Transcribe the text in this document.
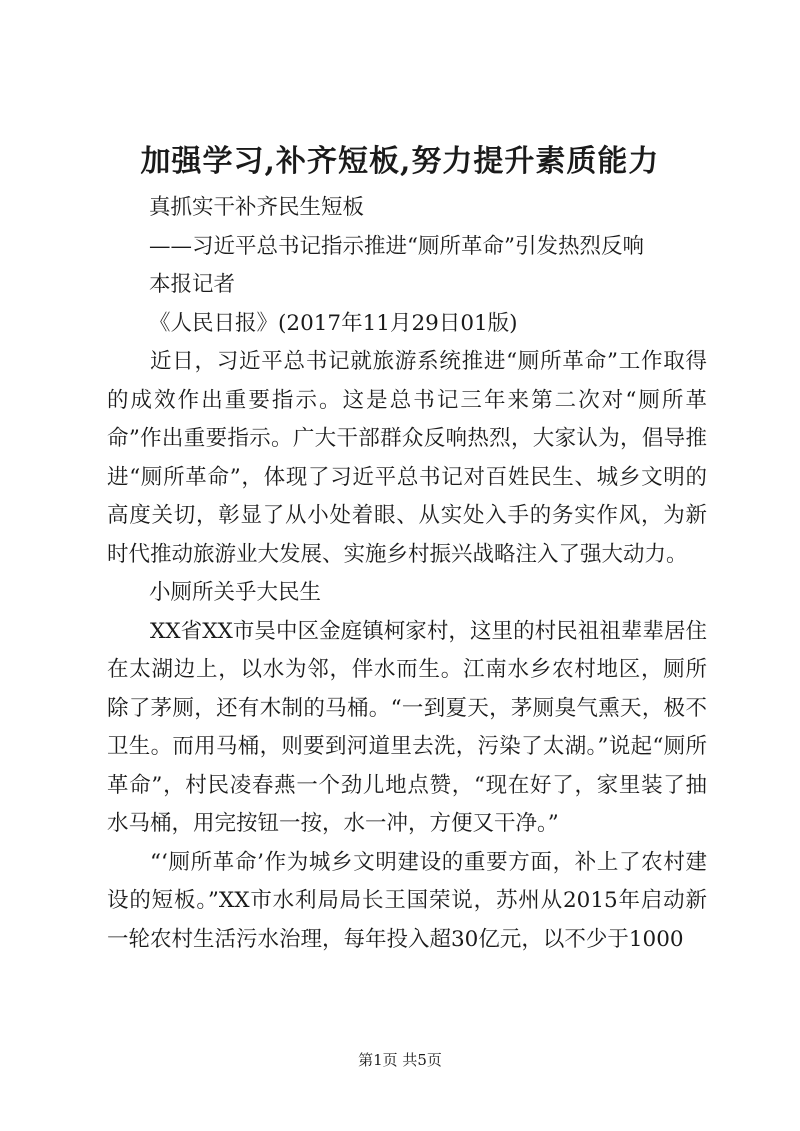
加强学习,补齐短板,努力提升素质能力
真抓实干补齐民生短板
——习近平总书记指示推进“厕所革命”引发热烈反响
本报记者
《人民日报》(2017年11月29日01版)

近日，习近平总书记就旅游系统推进“厕所革命”工作取得的成效作出重要指示。这是总书记三年来第二次对“厕所革命”作出重要指示。广大干部群众反响热烈，大家认为，倡导推进“厕所革命”，体现了习近平总书记对百姓民生、城乡文明的高度关切，彰显了从小处着眼、从实处入手的务实作风，为新时代推动旅游业大发展、实施乡村振兴战略注入了强大动力。

小厕所关乎大民生

XX省XX市吴中区金庭镇柯家村，这里的村民祖祖辈辈居住在太湖边上，以水为邻，伴水而生。江南水乡农村地区，厕所除了茅厕，还有木制的马桶。“一到夏天，茅厕臭气熏天，极不卫生。而用马桶，则要到河道里去洗，污染了太湖。”说起“厕所革命”，村民凌春燕一个劲儿地点赞，“现在好了，家里装了抽水马桶，用完按钮一按，水一冲，方便又干净。”

“‘厕所革命’作为城乡文明建设的重要方面，补上了农村建设的短板。”XX市水利局局长王国荣说，苏州从2015年启动新一轮农村生活污水治理，每年投入超30亿元，以不少于1000

第1页 共5页
